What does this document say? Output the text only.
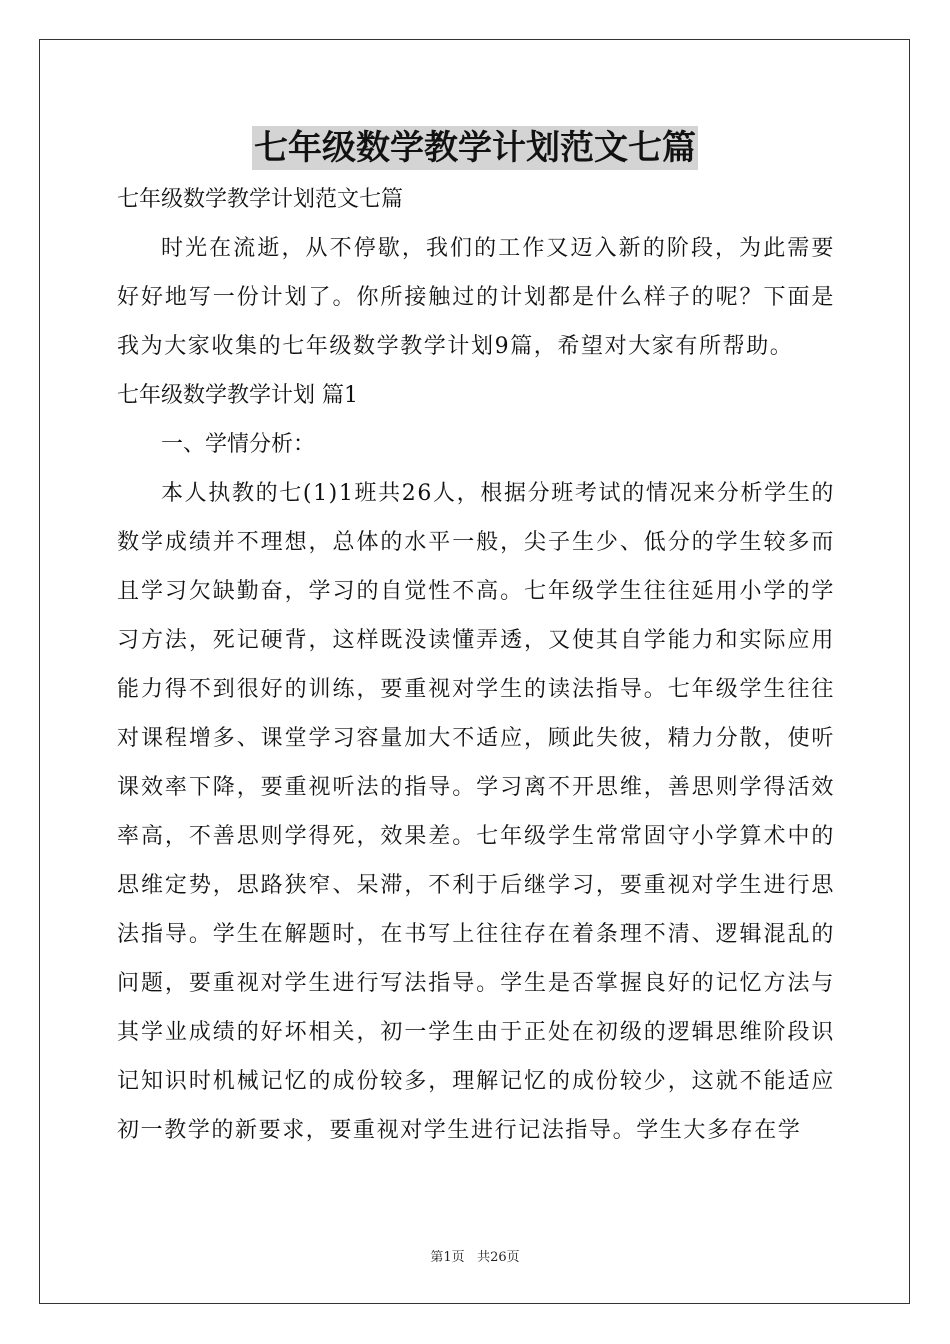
七年级数学教学计划范文七篇
七年级数学教学计划范文七篇

时光在流逝，从不停歇，我们的工作又迈入新的阶段，为此需要好好地写一份计划了。你所接触过的计划都是什么样子的呢？下面是我为大家收集的七年级数学教学计划9篇，希望对大家有所帮助。

七年级数学教学计划 篇1
一、学情分析：

本人执教的七(1)1班共26人，根据分班考试的情况来分析学生的数学成绩并不理想，总体的水平一般，尖子生少、低分的学生较多而且学习欠缺勤奋，学习的自觉性不高。七年级学生往往延用小学的学习方法，死记硬背，这样既没读懂弄透，又使其自学能力和实际应用能力得不到很好的训练，要重视对学生的读法指导。七年级学生往往对课程增多、课堂学习容量加大不适应，顾此失彼，精力分散，使听课效率下降，要重视听法的指导。学习离不开思维，善思则学得活效率高，不善思则学得死，效果差。七年级学生常常固守小学算术中的思维定势，思路狭窄、呆滞，不利于后继学习，要重视对学生进行思法指导。学生在解题时，在书写上往往存在着条理不清、逻辑混乱的问题，要重视对学生进行写法指导。学生是否掌握良好的记忆方法与其学业成绩的好坏相关，初一学生由于正处在初级的逻辑思维阶段识记知识时机械记忆的成份较多，理解记忆的成份较少，这就不能适应初一教学的新要求，要重视对学生进行记法指导。学生大多存在学

第1页 共26页
